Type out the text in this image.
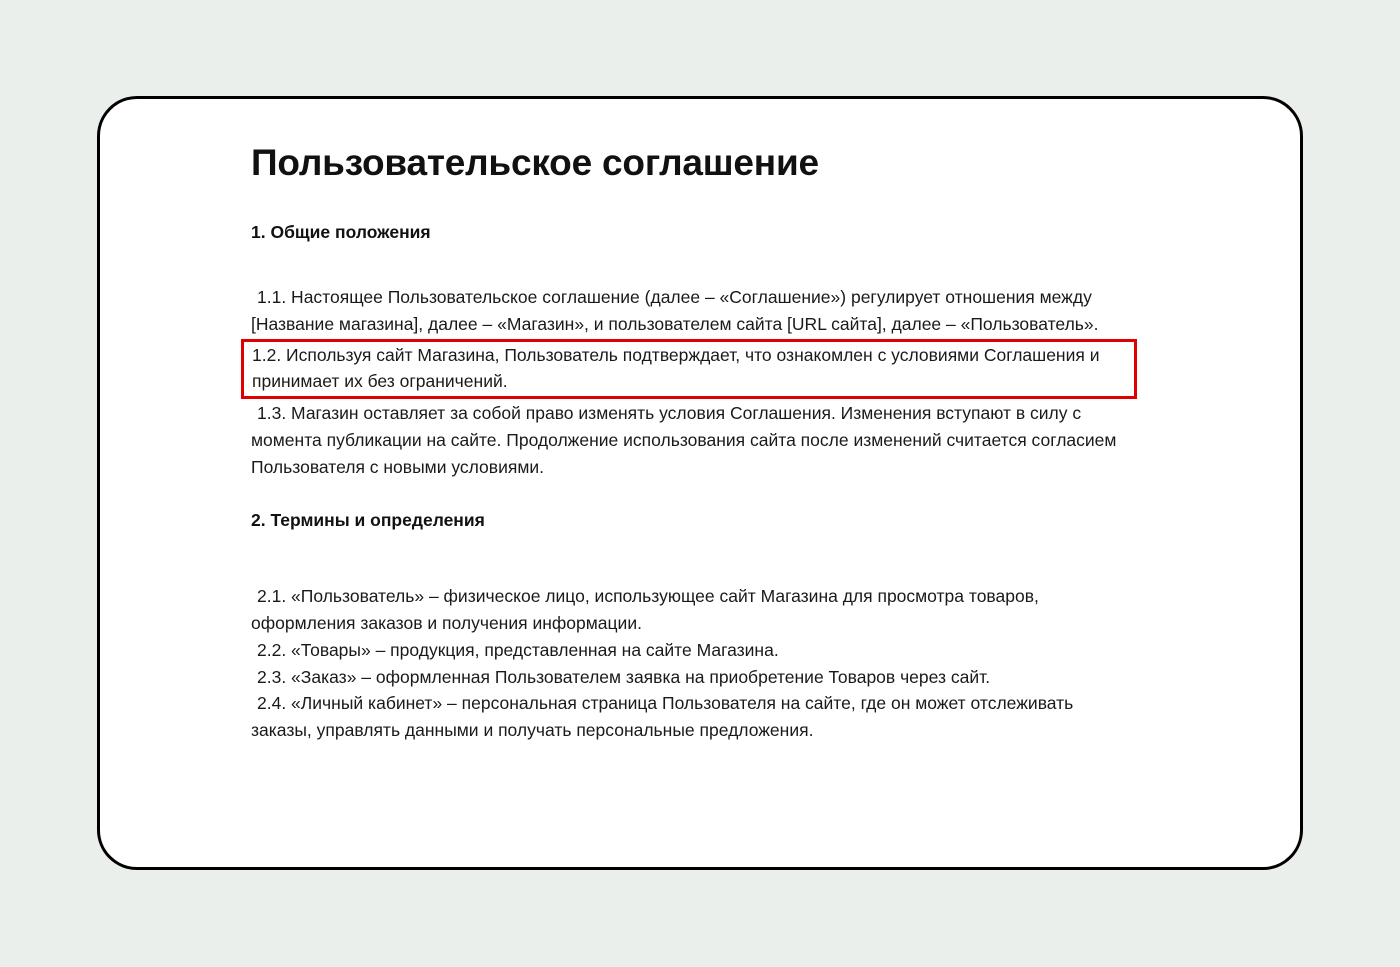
Пользовательское соглашение
1. Общие положения

1.1. Настоящее Пользовательское соглашение (далее – «Соглашение») регулирует отношения между [Название магазина], далее – «Магазин», и пользователем сайта [URL сайта], далее – «Пользователь».

1.2. Используя сайт Магазина, Пользователь подтверждает, что ознакомлен с условиями Соглашения и принимает их без ограничений.

1.3. Магазин оставляет за собой право изменять условия Соглашения. Изменения вступают в силу с момента публикации на сайте. Продолжение использования сайта после изменений считается согласием Пользователя с новыми условиями.

2. Термины и определения

2.1. «Пользователь» – физическое лицо, использующее сайт Магазина для просмотра товаров, оформления заказов и получения информации.

2.2. «Товары» – продукция, представленная на сайте Магазина.

2.3. «Заказ» – оформленная Пользователем заявка на приобретение Товаров через сайт.

2.4. «Личный кабинет» – персональная страница Пользователя на сайте, где он может отслеживать заказы, управлять данными и получать персональные предложения.
